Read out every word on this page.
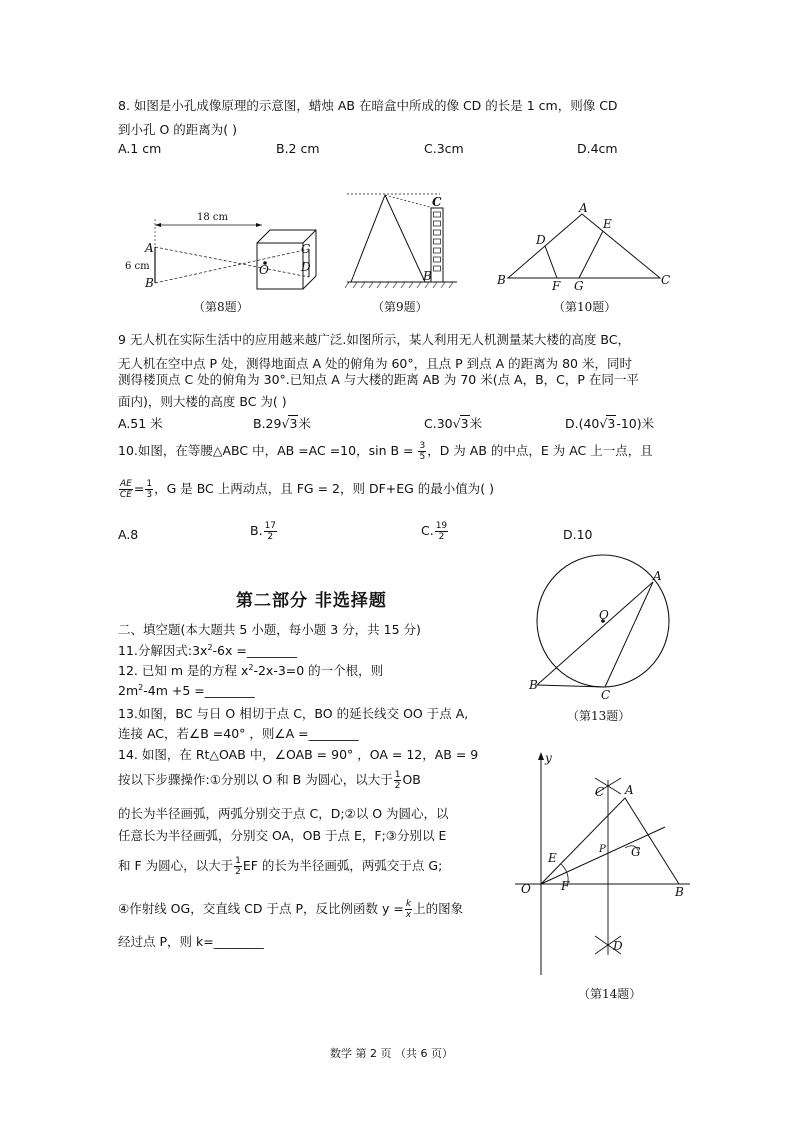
8. 如图是小孔成像原理的示意图，蜡烛 AB 在暗盒中所成的像 CD 的长是 1 cm，则像 CD
到小孔 O 的距离为( )
A.1 cm	B.2 cm	C.3cm	D.4cm
18 cm
A
B
6 cm	O
C
D
（第8题）
C
B
（第9题）
A
B	C
D
E
F G
（第10题）
9 无人机在实际生活中的应用越来越广泛.如图所示，某人利用无人机测量某大楼的高度 BC，
无人机在空中点 P 处，测得地面点 A 处的俯角为 60°，且点 P 到点 A 的距离为 80 米，同时
测得楼顶点 C 处的俯角为 30°.已知点 A 与大楼的距离 AB 为 70 米(点 A，B，C，P 在同一平
面内)，则大楼的高度 BC 为( )
A.51 米	B.29√3米	C.30√3米	D.(40√3-10)米
10.如图，在等腰△ABC 中，AB =AC =10，$\sin B = \frac{3}{5}$ ，D 为 AB 的中点，E 为 AC 上一点，且
$\frac{AE}{CE} = \frac{1}{3}$ ，G 是 BC 上两动点，且 FG = 2，则 DF+EG 的最小值为( )
A.8	B. $\frac{17}{2}$	C. $\frac{19}{2}$	D.10
第二部分 非选择题
二、填空题(本大题共 5 小题，每小题 3 分，共 15 分)
11.分解因式$:3x^2-6x$ =________
12. 已知 m 是的方程 $x^2-2x-3=0$ 的一个根，则
$2m^2-4m +5$ =________
13.如图，BC 与日 O 相切于点 C，BO 的延长线交 OO 于点 A,
连接 AC，若∠B =40° ，则∠A =________
14. 如图，在 Rt△OAB 中，∠OAB = 90° ，OA = 12，AB = 9
按以下步骤操作:①分别以 O 和 B 为圆心，以大于 $\frac{1}{2}$ OB
的长为半径画弧，两弧分别交于点 C，D;②以 O 为圆心，以
任意长为半径画弧，分别交 OA，OB 于点 E，F;③分别以 E
和 F 为圆心，以大于 $\frac{1}{2}$ EF 的长为半径画弧，两弧交于点 G;
④作射线 OG，交直线 CD 于点 P，反比例函数 $y = \frac{k}{x}$ 上的图象
经过点 P，则 k=________
A
B
C
O
（第13题）
y
O
A
B
C
D
E
F
G
P
（第14题）
数学 第 2 页 （共 6 页）
